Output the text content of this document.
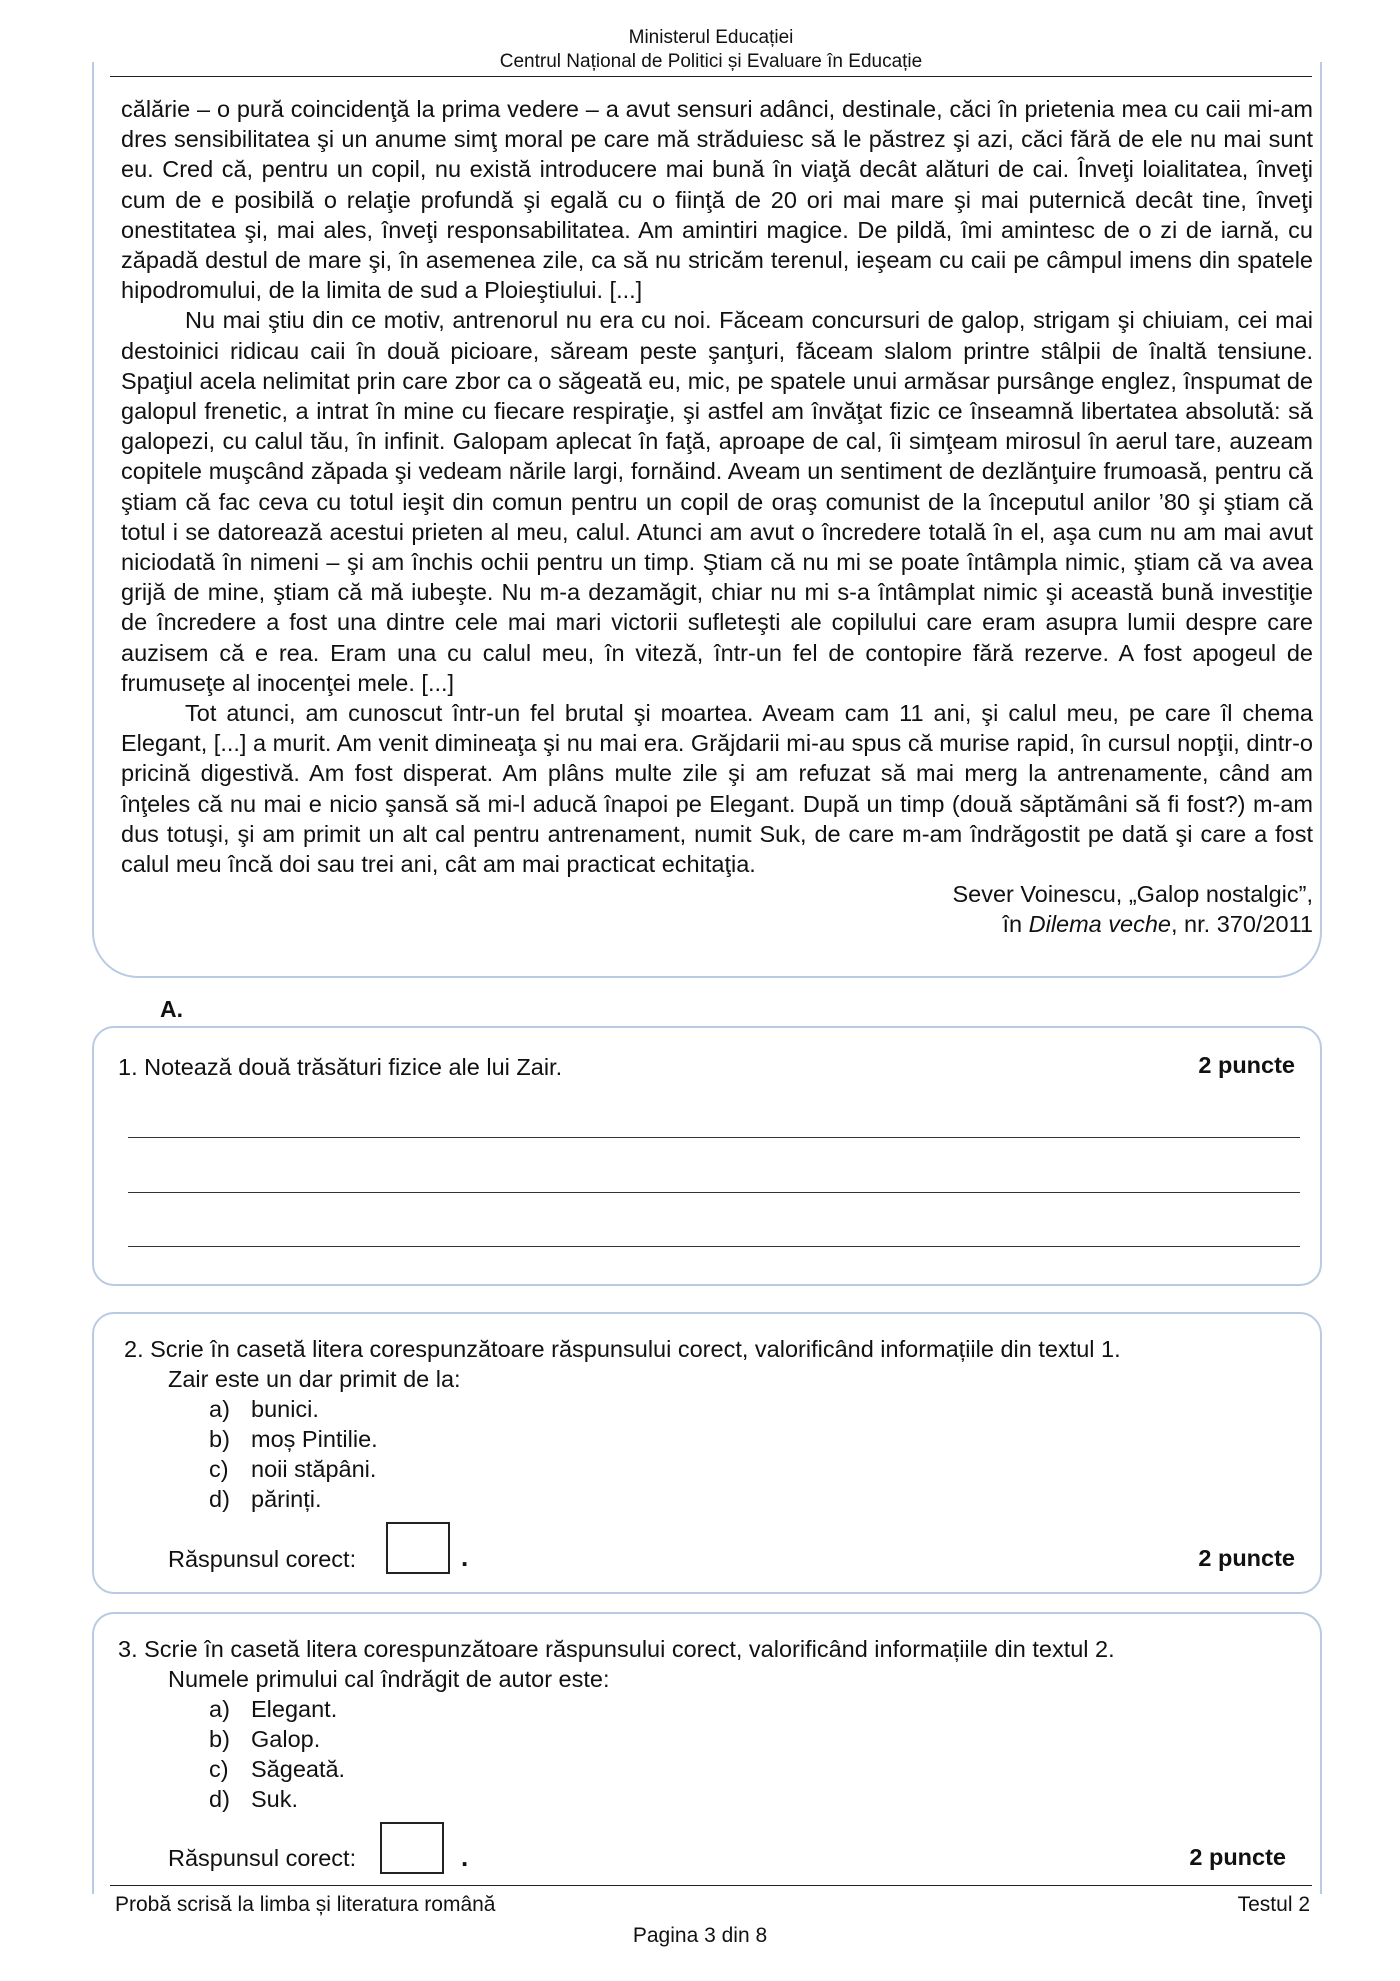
Ministerul Educației
Centrul Național de Politici și Evaluare în Educație

călărie – o pură coincidenţă la prima vedere – a avut sensuri adânci, destinale, căci în prietenia mea cu caii mi-am dres sensibilitatea şi un anume simţ moral pe care mă străduiesc să le păstrez şi azi, căci fără de ele nu mai sunt eu. Cred că, pentru un copil, nu există introducere mai bună în viaţă decât alături de cai. Înveţi loialitatea, înveţi cum de e posibilă o relaţie profundă şi egală cu o fiinţă de 20 ori mai mare şi mai puternică decât tine, înveţi onestitatea şi, mai ales, înveţi responsabilitatea. Am amintiri magice. De pildă, îmi amintesc de o zi de iarnă, cu zăpadă destul de mare şi, în asemenea zile, ca să nu stricăm terenul, ieşeam cu caii pe câmpul imens din spatele hipodromului, de la limita de sud a Ploieştiului. [...]

Nu mai ştiu din ce motiv, antrenorul nu era cu noi. Făceam concursuri de galop, strigam şi chiuiam, cei mai destoinici ridicau caii în două picioare, săream peste şanţuri, făceam slalom printre stâlpii de înaltă tensiune. Spaţiul acela nelimitat prin care zbor ca o săgeată eu, mic, pe spatele unui armăsar pursânge englez, înspumat de galopul frenetic, a intrat în mine cu fiecare respiraţie, şi astfel am învăţat fizic ce înseamnă libertatea absolută: să galopezi, cu calul tău, în infinit. Galopam aplecat în faţă, aproape de cal, îi simţeam mirosul în aerul tare, auzeam copitele muşcând zăpada şi vedeam nările largi, fornăind. Aveam un sentiment de dezlănţuire frumoasă, pentru că ştiam că fac ceva cu totul ieşit din comun pentru un copil de oraş comunist de la începutul anilor ’80 şi ştiam că totul i se datorează acestui prieten al meu, calul. Atunci am avut o încredere totală în el, aşa cum nu am mai avut niciodată în nimeni – şi am închis ochii pentru un timp. Ştiam că nu mi se poate întâmpla nimic, ştiam că va avea grijă de mine, ştiam că mă iubeşte. Nu m-a dezamăgit, chiar nu mi s-a întâmplat nimic şi această bună investiţie de încredere a fost una dintre cele mai mari victorii sufleteşti ale copilului care eram asupra lumii despre care auzisem că e rea. Eram una cu calul meu, în viteză, într-un fel de contopire fără rezerve. A fost apogeul de frumuseţe al inocenţei mele. [...]

Tot atunci, am cunoscut într-un fel brutal şi moartea. Aveam cam 11 ani, şi calul meu, pe care îl chema Elegant, [...] a murit. Am venit dimineaţa şi nu mai era. Grăjdarii mi-au spus că murise rapid, în cursul nopţii, dintr-o pricină digestivă. Am fost disperat. Am plâns multe zile şi am refuzat să mai merg la antrenamente, când am înţeles că nu mai e nicio şansă să mi-l aducă înapoi pe Elegant. După un timp (două săptămâni să fi fost?) m-am dus totuşi, şi am primit un alt cal pentru antrenament, numit Suk, de care m-am îndrăgostit pe dată şi care a fost calul meu încă doi sau trei ani, cât am mai practicat echitaţia.

Sever Voinescu, „Galop nostalgic”,

în Dilema veche, nr. 370/2011

A.
1. Notează două trăsături fizice ale lui Zair.	2 puncte
2. Scrie în casetă litera corespunzătoare răspunsului corect, valorificând informațiile din textul 1.
Zair este un dar primit de la:
a) bunici.
b) moș Pintilie.
c) noii stăpâni.
d) părinți.
Răspunsul corect:	.	2 puncte
3. Scrie în casetă litera corespunzătoare răspunsului corect, valorificând informațiile din textul 2.
Numele primului cal îndrăgit de autor este:
a) Elegant.
b) Galop.
c) Săgeată.
d) Suk.
Răspunsul corect:	.	2 puncte
Probă scrisă la limba și literatura română	Testul 2
Pagina 3 din 8
